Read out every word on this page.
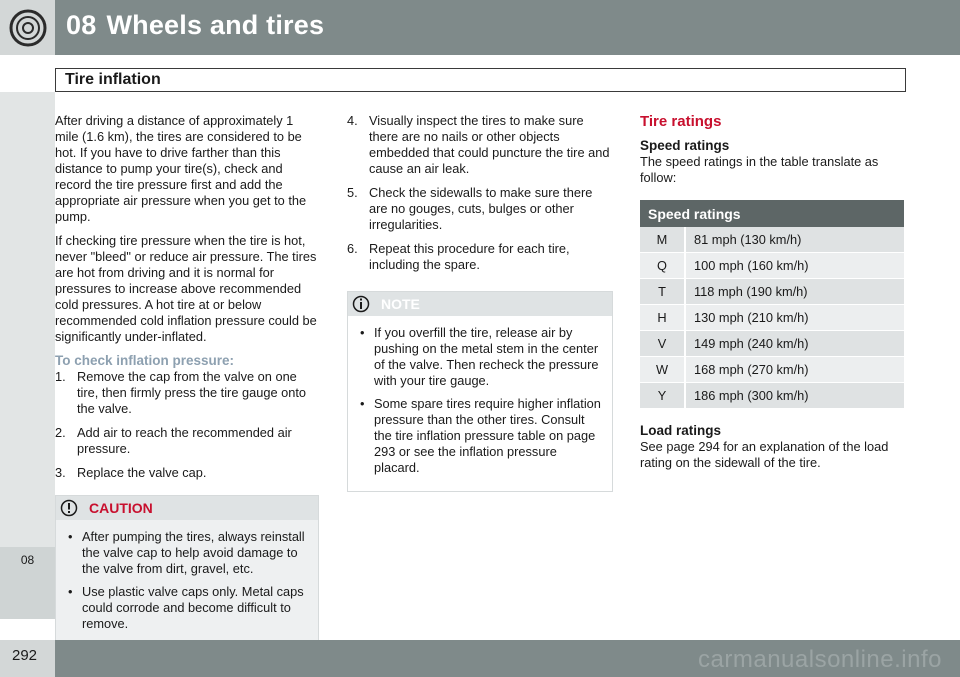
08 Wheels and tires
Tire inflation
08

After driving a distance of approximately 1 mile (1.6 km), the tires are considered to be hot. If you have to drive farther than this distance to pump your tire(s), check and record the tire pressure first and add the appropriate air pressure when you get to the pump.

If checking tire pressure when the tire is hot, never "bleed" or reduce air pressure. The tires are hot from driving and it is normal for pressures to increase above recommended cold pressures. A hot tire at or below recommended cold inflation pressure could be significantly under-inflated.

To check inflation pressure:
1. Remove the cap from the valve on one tire, then firmly press the tire gauge onto the valve.
2. Add air to reach the recommended air pressure.
3. Replace the valve cap.
CAUTION
• After pumping the tires, always reinstall the valve cap to help avoid damage to the valve from dirt, gravel, etc.
• Use plastic valve caps only. Metal caps could corrode and become difficult to remove.
4. Visually inspect the tires to make sure there are no nails or other objects embedded that could puncture the tire and cause an air leak.
5. Check the sidewalls to make sure there are no gouges, cuts, bulges or other irregularities.
6. Repeat this procedure for each tire, including the spare.
NOTE
• If you overfill the tire, release air by pushing on the metal stem in the center of the valve. Then recheck the pressure with your tire gauge.
• Some spare tires require higher inflation pressure than the other tires. Consult the tire inflation pressure table on page 293 or see the inflation pressure placard.
Tire ratings
Speed ratings

The speed ratings in the table translate as follow:

Speed ratings	
M	81 mph (130 km/h)
Q	100 mph (160 km/h)
T	118 mph (190 km/h)
H	130 mph (210 km/h)
V	149 mph (240 km/h)
W	168 mph (270 km/h)
Y	186 mph (300 km/h)
Load ratings

See page 294 for an explanation of the load rating on the sidewall of the tire.

292	carmanualsonline.info
